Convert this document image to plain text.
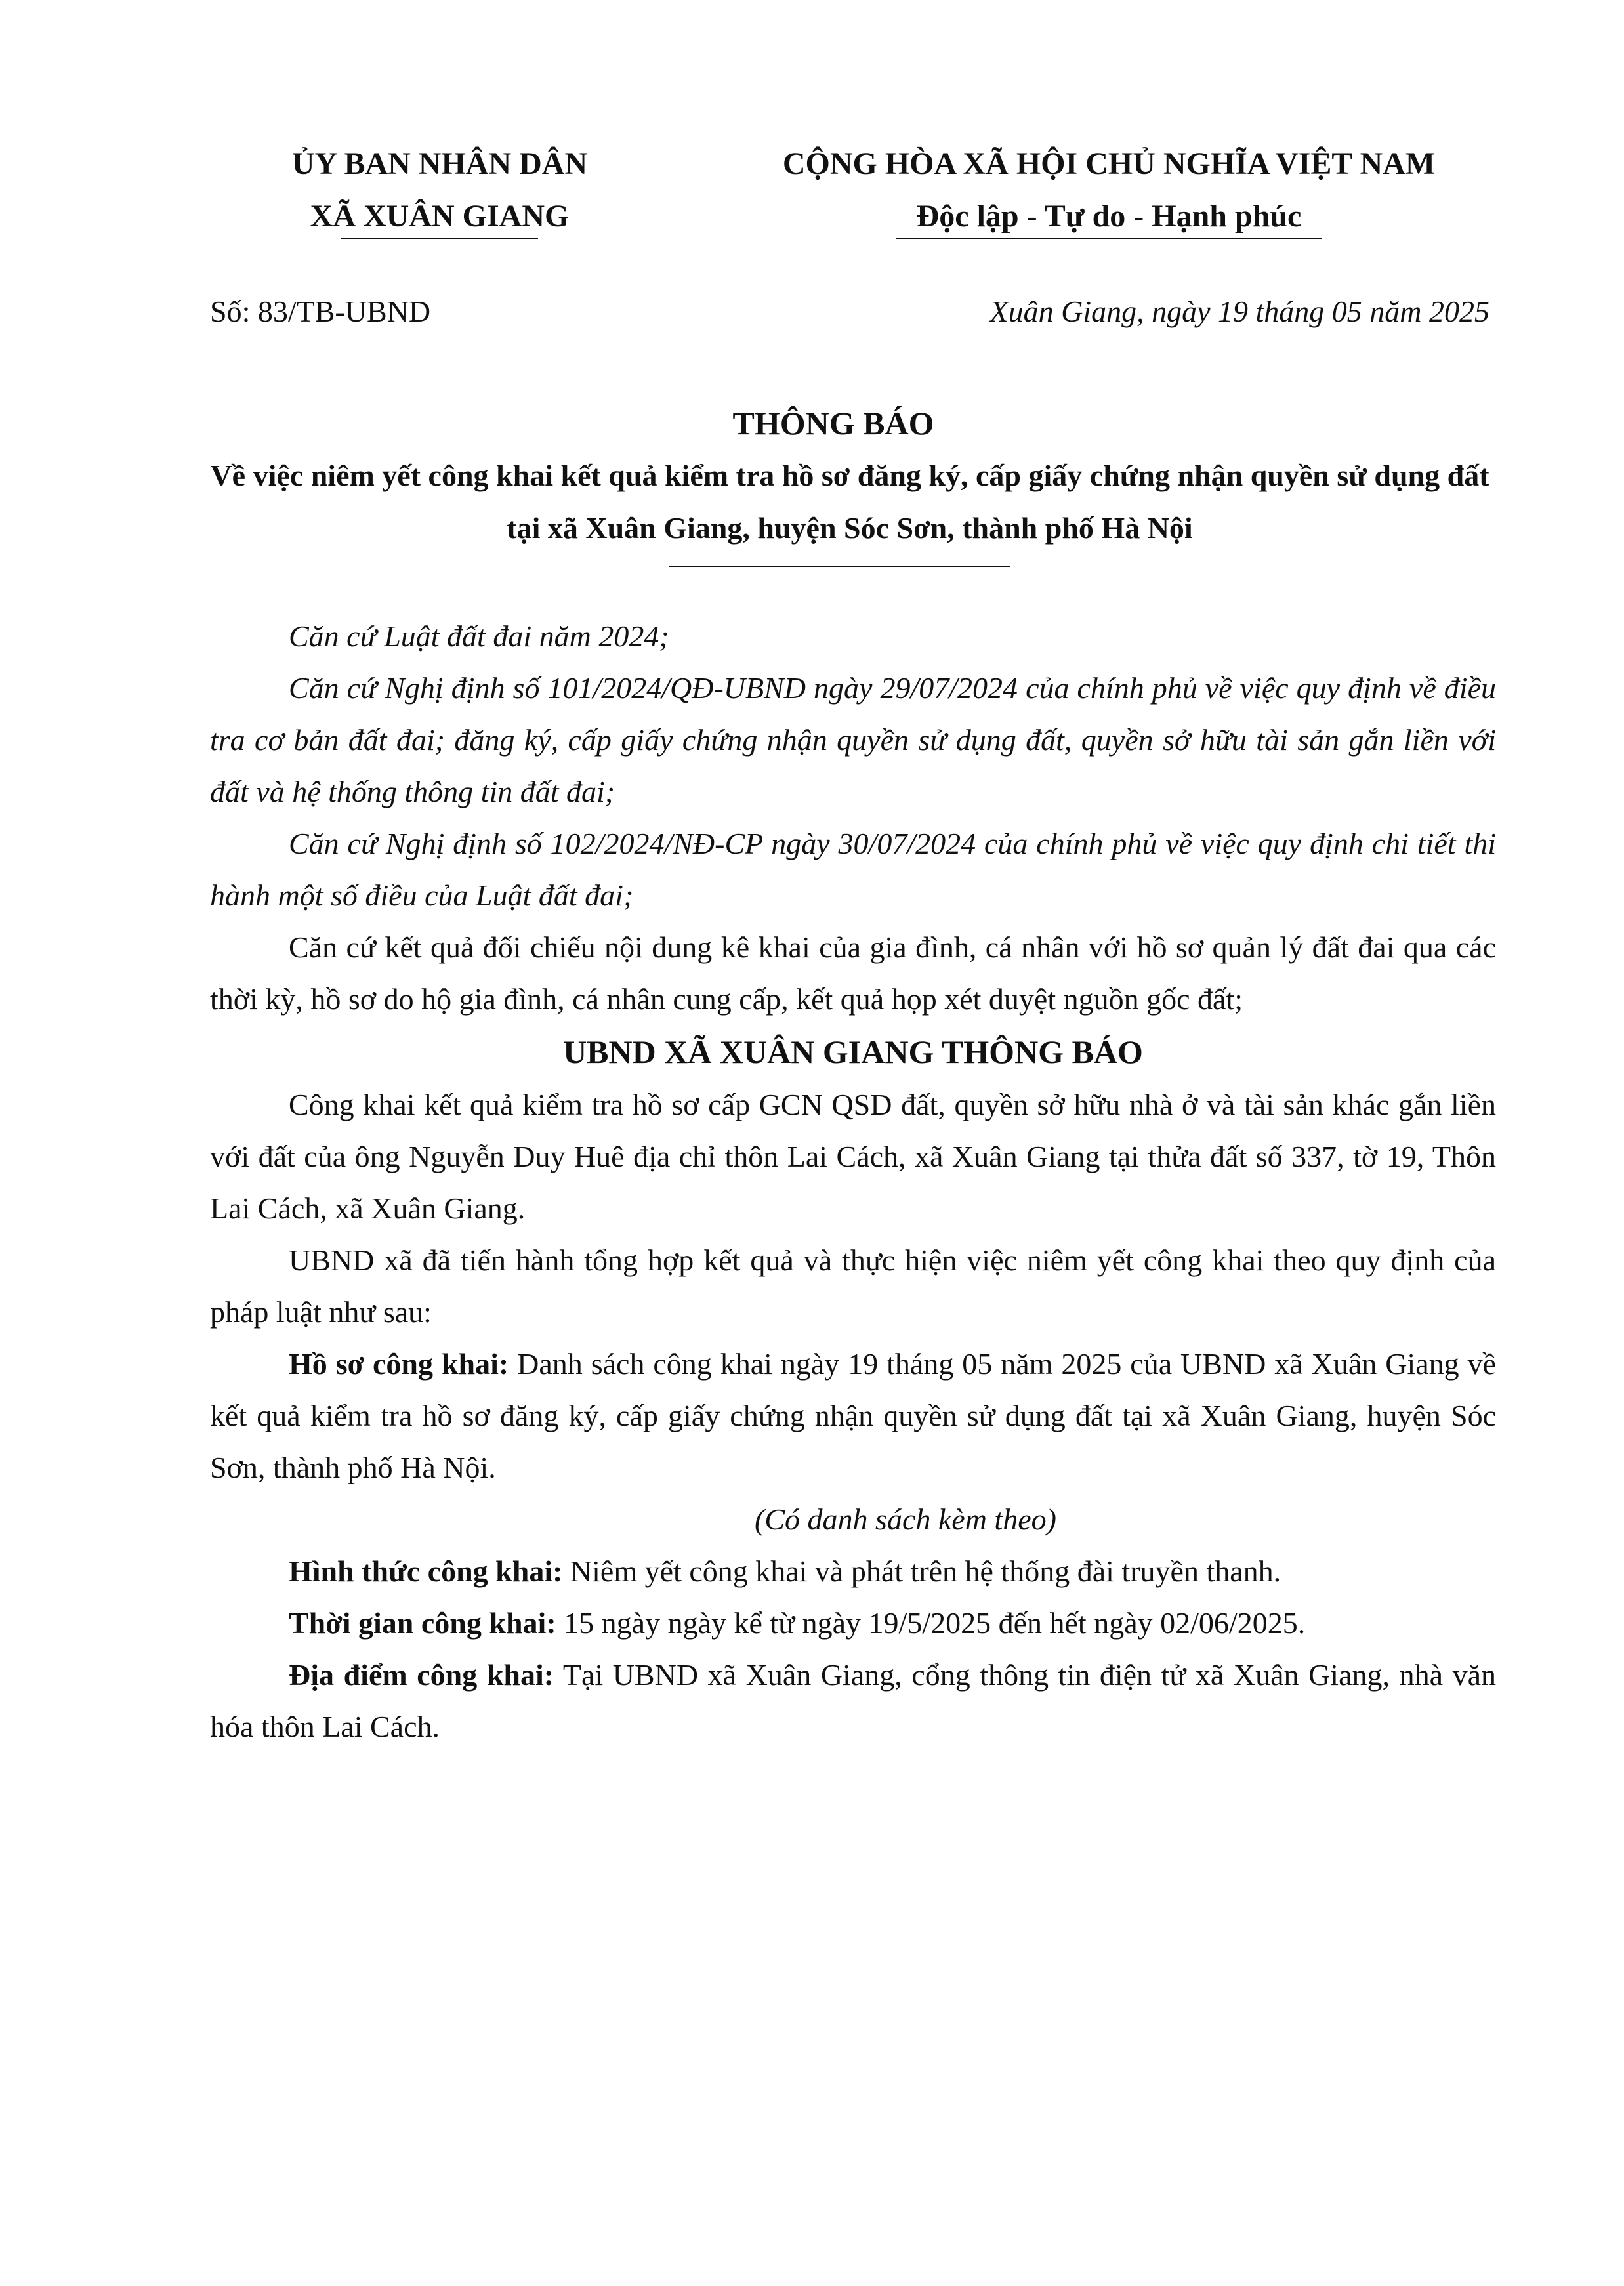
ỦY BAN NHÂN DÂN
XÃ XUÂN GIANG
CỘNG HÒA XÃ HỘI CHỦ NGHĨA VIỆT NAM
Độc lập - Tự do - Hạnh phúc
Số: 83/TB-UBND	Xuân Giang, ngày 19 tháng 05 năm 2025
THÔNG BÁO
Về việc niêm yết công khai kết quả kiểm tra hồ sơ đăng ký, cấp giấy chứng nhận quyền sử dụng đất tại xã Xuân Giang, huyện Sóc Sơn, thành phố Hà Nội

Căn cứ Luật đất đai năm 2024;

Căn cứ Nghị định số 101/2024/QĐ-UBND ngày 29/07/2024 của chính phủ về việc quy định về điều tra cơ bản đất đai; đăng ký, cấp giấy chứng nhận quyền sử dụng đất, quyền sở hữu tài sản gắn liền với đất và hệ thống thông tin đất đai;

Căn cứ Nghị định số 102/2024/NĐ-CP ngày 30/07/2024 của chính phủ về việc quy định chi tiết thi hành một số điều của Luật đất đai;

Căn cứ kết quả đối chiếu nội dung kê khai của gia đình, cá nhân với hồ sơ quản lý đất đai qua các thời kỳ, hồ sơ do hộ gia đình, cá nhân cung cấp, kết quả họp xét duyệt nguồn gốc đất;

UBND XÃ XUÂN GIANG THÔNG BÁO

Công khai kết quả kiểm tra hồ sơ cấp GCN QSD đất, quyền sở hữu nhà ở và tài sản khác gắn liền với đất của ông Nguyễn Duy Huê địa chỉ thôn Lai Cách, xã Xuân Giang tại thửa đất số 337, tờ 19, Thôn Lai Cách, xã Xuân Giang.

UBND xã đã tiến hành tổng hợp kết quả và thực hiện việc niêm yết công khai theo quy định của pháp luật như sau:

Hồ sơ công khai: Danh sách công khai ngày 19 tháng 05 năm 2025 của UBND xã Xuân Giang về kết quả kiểm tra hồ sơ đăng ký, cấp giấy chứng nhận quyền sử dụng đất tại xã Xuân Giang, huyện Sóc Sơn, thành phố Hà Nội.

(Có danh sách kèm theo)

Hình thức công khai: Niêm yết công khai và phát trên hệ thống đài truyền thanh.

Thời gian công khai: 15 ngày ngày kể từ ngày 19/5/2025 đến hết ngày 02/06/2025.

Địa điểm công khai: Tại UBND xã Xuân Giang, cổng thông tin điện tử xã Xuân Giang, nhà văn hóa thôn Lai Cách.
